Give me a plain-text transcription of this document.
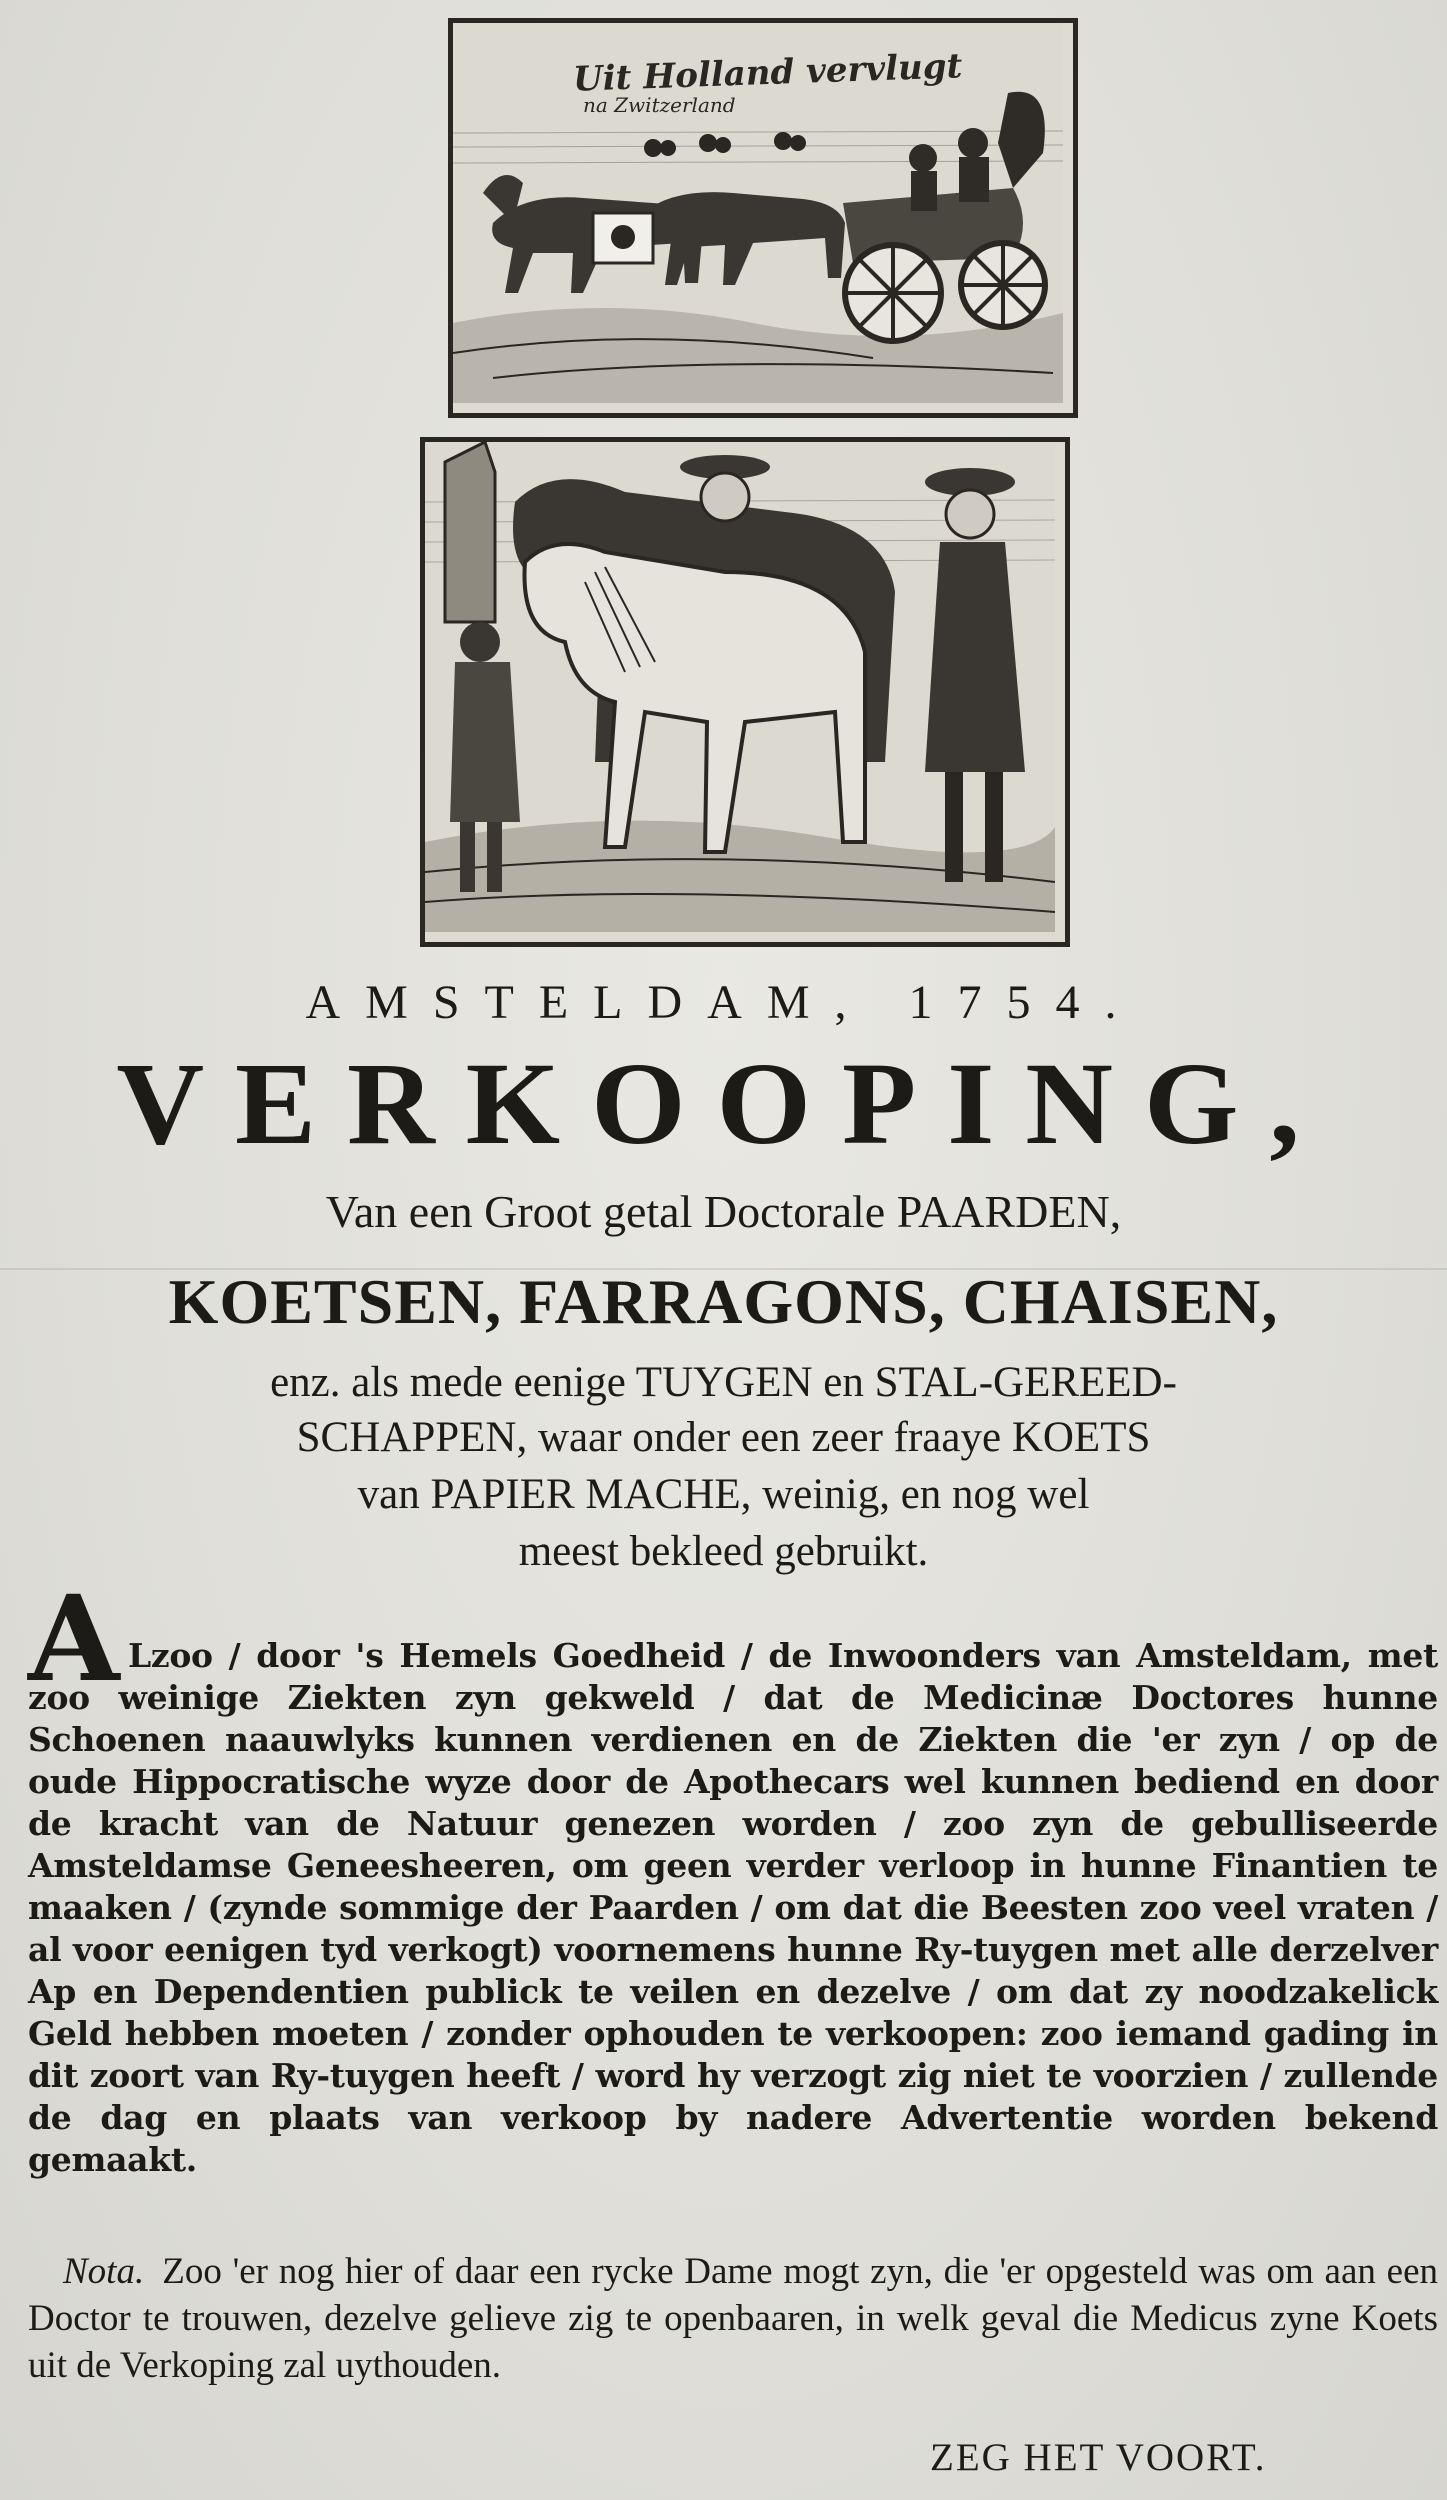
Uit Holland vervlugt
na Zwitzerland
AMSTELDAM, 1754.
VERKOOPING,
Van een Groot getal Doctorale PAARDEN,
KOETSEN, FARRAGONS, CHAISEN,
enz. als mede eenige TUYGEN en STAL-GEREED-
SCHAPPEN, waar onder een zeer fraaye KOETS
van PAPIER MACHE, weinig, en nog wel
meest bekleed gebruikt.
A Lzoo / door 's Hemels Goedheid / de Inwoonders van Amsteldam, met zoo weinige Ziekten zyn gekweld / dat de Medicinæ Doctores hunne Schoenen naauwlyks kunnen verdienen en de Ziekten die 'er zyn / op de oude Hippocratische wyze door de Apothecars wel kunnen bediend en door de kracht van de Natuur genezen worden / zoo zyn de gebulliseerde Amsteldamse Geneesheeren, om geen verder verloop in hunne Finantien te maaken / (zynde sommige der Paarden / om dat die Beesten zoo veel vraten / al voor eenigen tyd verkogt) voornemens hunne Ry-tuygen met alle derzelver Ap en Dependentien publick te veilen en dezelve / om dat zy noodzakelick Geld hebben moeten / zonder ophouden te verkoopen: zoo iemand gading in dit zoort van Ry-tuygen heeft / word hy verzogt zig niet te voorzien / zullende de dag en plaats van verkoop by nadere Advertentie worden bekend gemaakt.
Nota. Zoo 'er nog hier of daar een rycke Dame mogt zyn, die 'er opgesteld was om aan een Doctor te trouwen, dezelve gelieve zig te openbaaren, in welk geval die Medicus zyne Koets uit de Verkoping zal uythouden.
ZEG HET VOORT.
